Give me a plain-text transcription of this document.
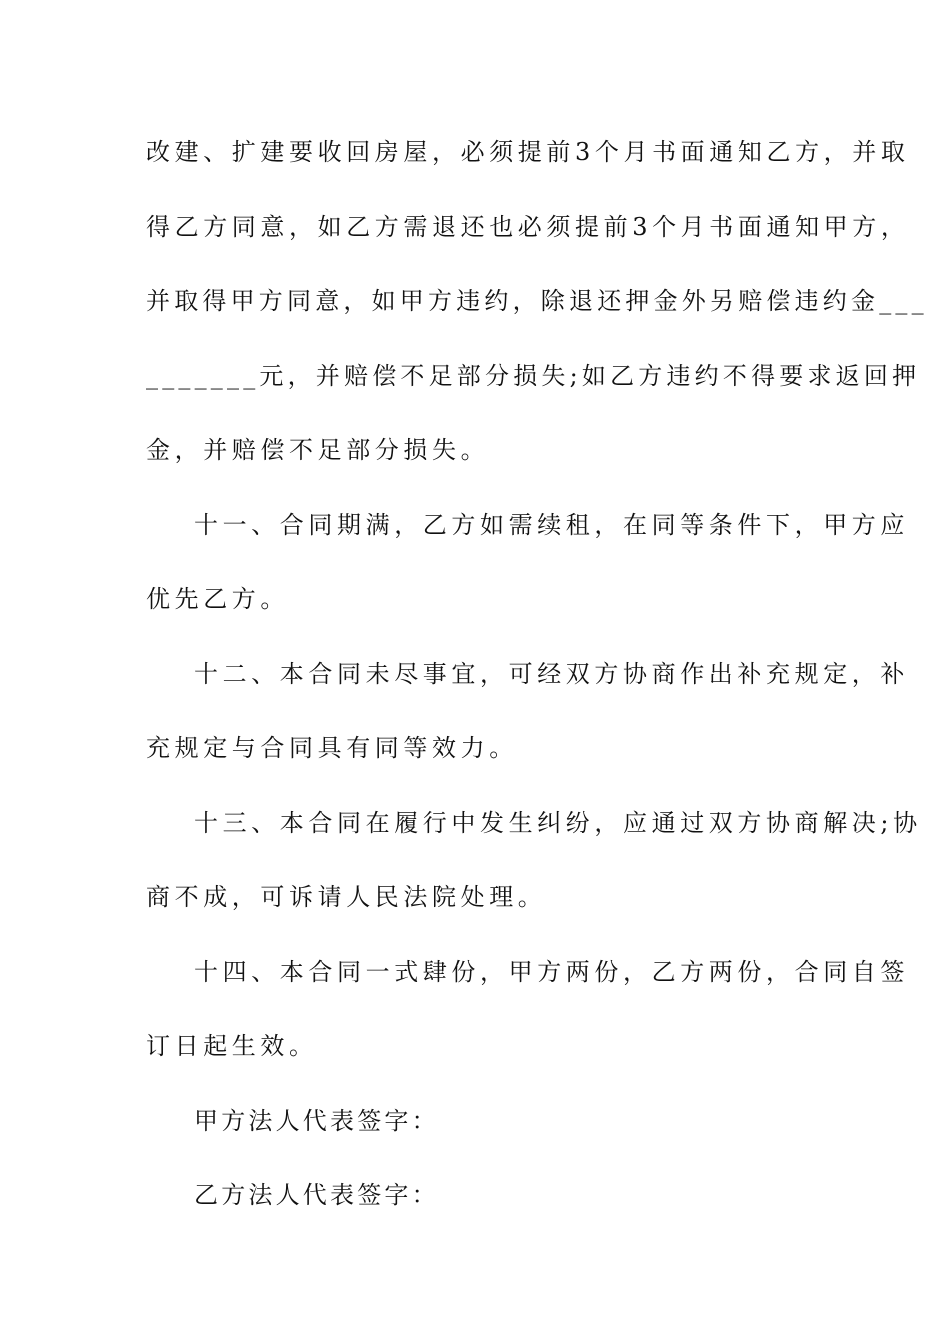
改建、扩建要收回房屋，必须提前3个月书面通知乙方，并取
得乙方同意，如乙方需退还也必须提前3个月书面通知甲方，
并取得甲方同意，如甲方违约，除退还押金外另赔偿违约金___
_______元，并赔偿不足部分损失;如乙方违约不得要求返回押
金，并赔偿不足部分损失。
十一、合同期满，乙方如需续租，在同等条件下，甲方应
优先乙方。
十二、本合同未尽事宜，可经双方协商作出补充规定，补
充规定与合同具有同等效力。
十三、本合同在履行中发生纠纷，应通过双方协商解决;协
商不成，可诉请人民法院处理。
十四、本合同一式肆份，甲方两份，乙方两份，合同自签
订日起生效。
甲方法人代表签字：
乙方法人代表签字：
